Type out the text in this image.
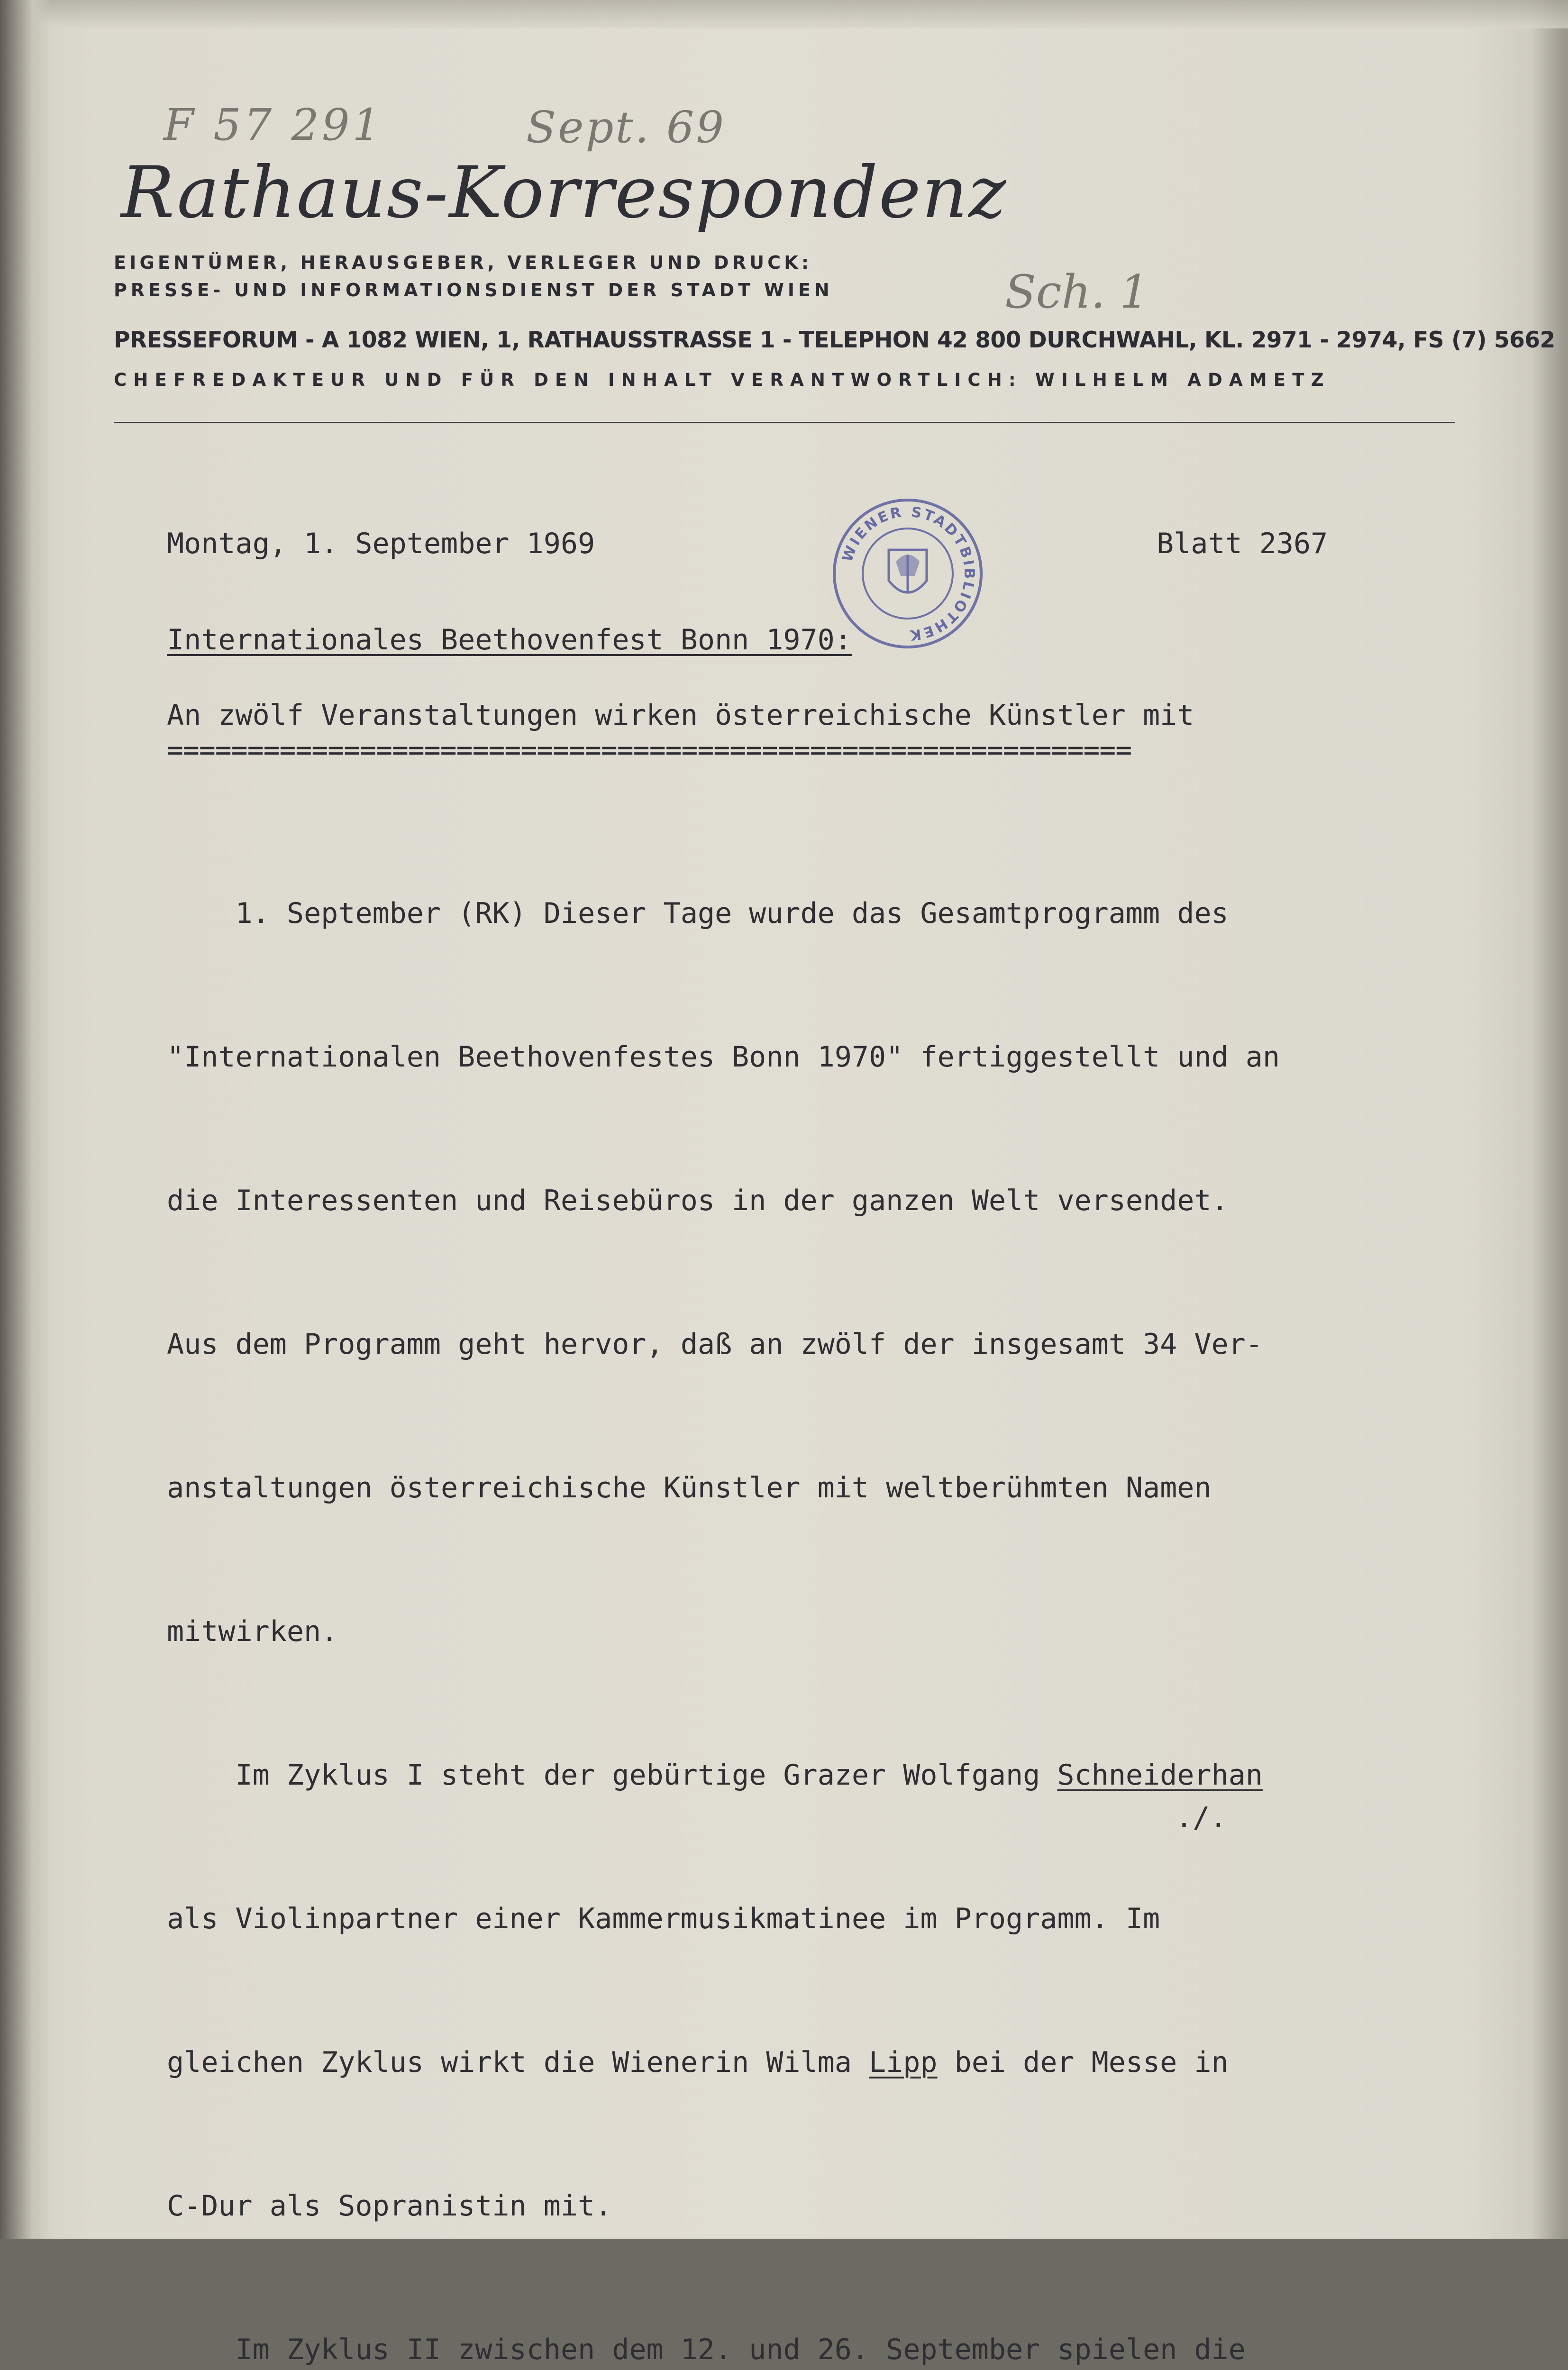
F 57 291	Sept. 69
Sch. 1
Rathaus-Korrespondenz
EIGENTÜMER, HERAUSGEBER, VERLEGER UND DRUCK:
PRESSE- UND INFORMATIONSDIENST DER STADT WIEN
PRESSEFORUM - A 1082 WIEN, 1, RATHAUSSTRASSE 1 - TELEPHON 42 800 DURCHWAHL, KL. 2971 - 2974, FS (7) 5662
CHEFREDAKTEUR UND FÜR DEN INHALT VERANTWORTLICH: WILHELM ADAMETZ
Montag, 1. September 1969	Blatt 2367
WIENER STADTBIBLIOTHEK
Internationales Beethovenfest Bonn 1970:
An zwölf Veranstaltungen wirken österreichische Künstler mit
============================================================

1. September (RK) Dieser Tage wurde das Gesamtprogramm des

"Internationalen Beethovenfestes Bonn 1970" fertiggestellt und an

die Interessenten und Reisebüros in der ganzen Welt versendet.

Aus dem Programm geht hervor, daß an zwölf der insgesamt 34 Ver-

anstaltungen österreichische Künstler mit weltberühmten Namen

mitwirken.

Im Zyklus I steht der gebürtige Grazer Wolfgang Schneiderhan

als Violinpartner einer Kammermusikmatinee im Programm. Im

gleichen Zyklus wirkt die Wienerin Wilma Lipp bei der Messe in

C-Dur als Sopranistin mit.

Im Zyklus II zwischen dem 12. und 26. September spielen die

./.
